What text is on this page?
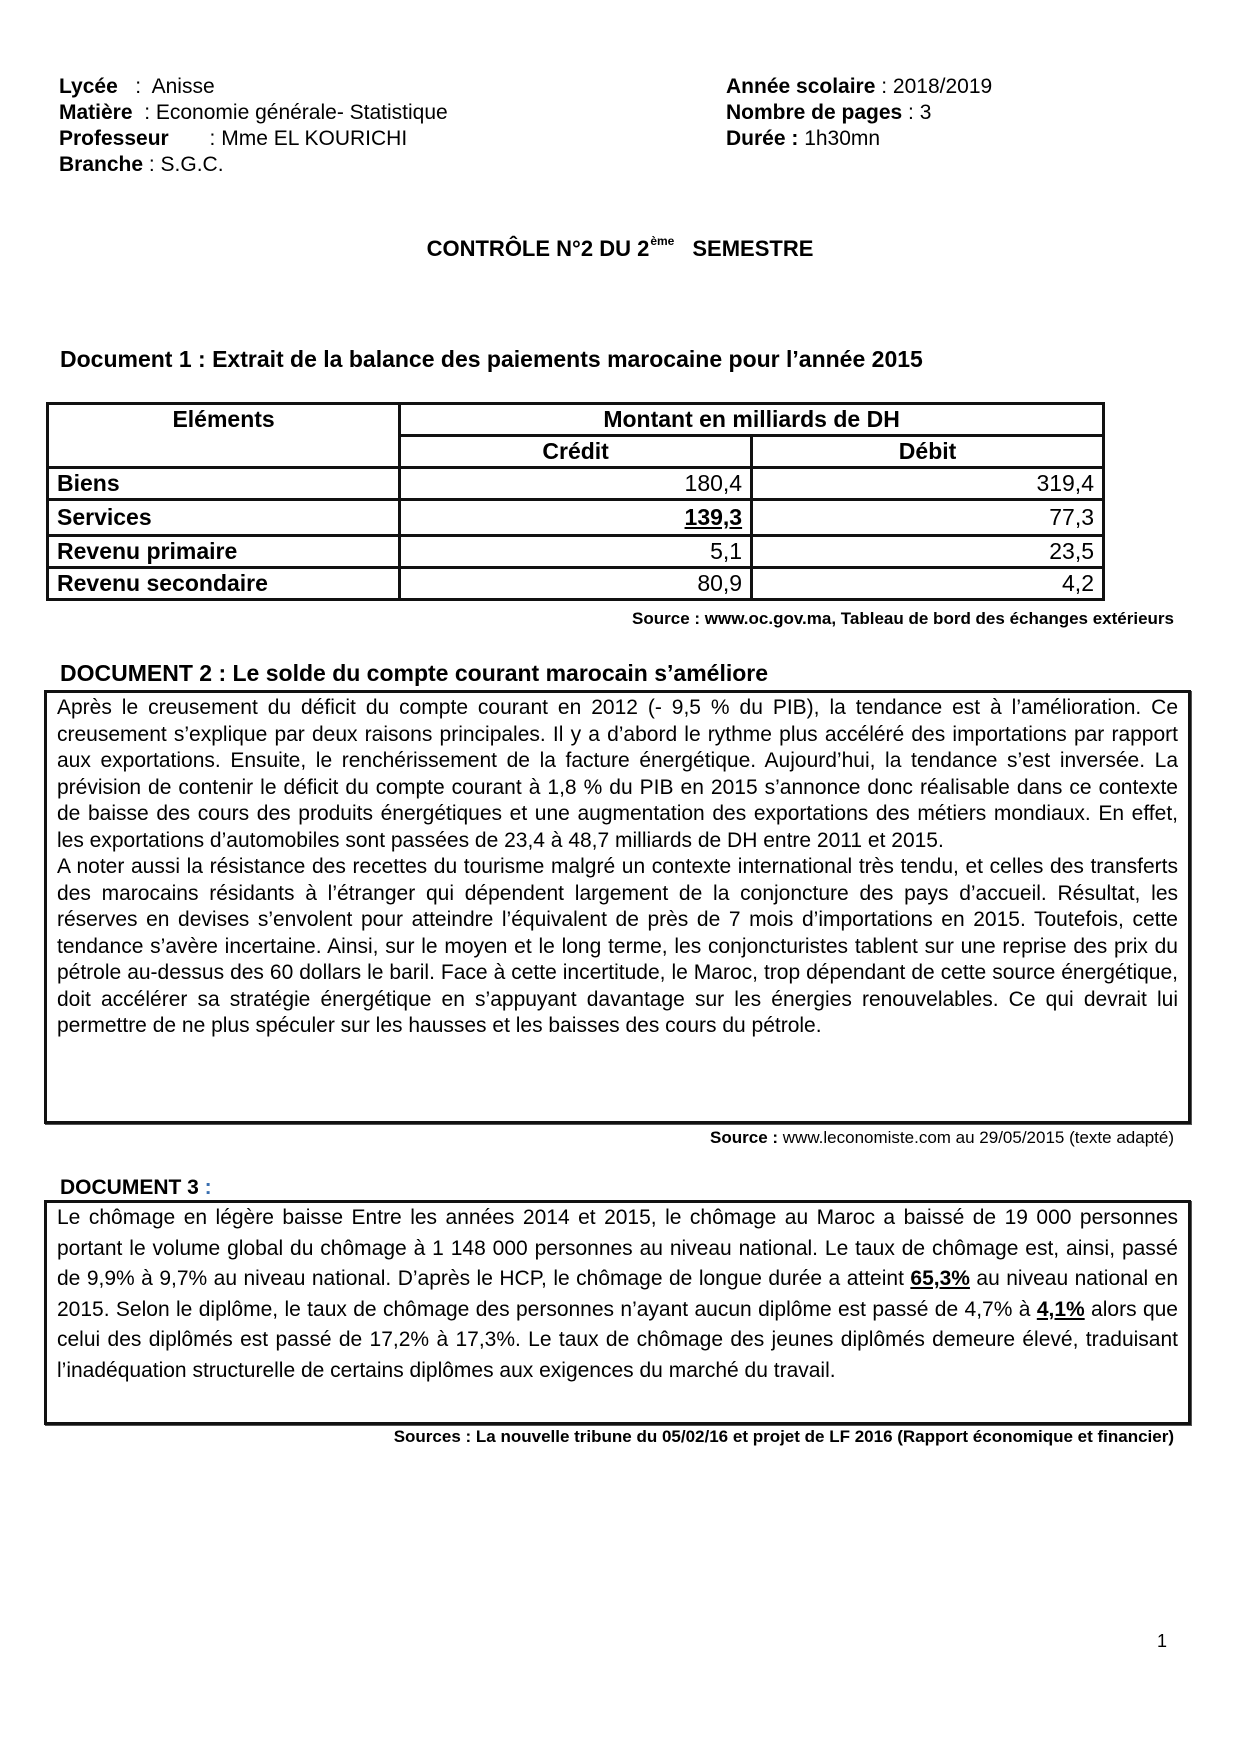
Lycée   :  Anisse
Matière  : Economie générale- Statistique
Professeur       : Mme EL KOURICHI
Branche : S.G.C.
Année scolaire : 2018/2019
Nombre de pages : 3
Durée : 1h30mn
CONTRÔLE N°2 DU 2ème SEMESTRE
Document 1 : Extrait de la balance des paiements marocaine pour l’année 2015
Eléments	Montant en milliards de DH	
	Crédit	Débit
Biens	180,4	319,4
Services	139,3	77,3
Revenu primaire	5,1	23,5
Revenu secondaire	80,9	4,2
Source : www.oc.gov.ma, Tableau de bord des échanges extérieurs
DOCUMENT 2 : Le solde du compte courant marocain s’améliore

Après le creusement du déficit du compte courant en 2012 (- 9,5 % du PIB), la tendance est à l’amélioration. Ce creusement s’explique par deux raisons principales. Il y a d’abord le rythme plus accéléré des importations par rapport aux exportations. Ensuite, le renchérissement de la facture énergétique. Aujourd’hui, la tendance s’est inversée. La prévision de contenir le déficit du compte courant à 1,8 % du PIB en 2015 s’annonce donc réalisable dans ce contexte de baisse des cours des produits énergétiques et une augmentation des exportations des métiers mondiaux. En effet, les exportations d’automobiles sont passées de 23,4 à 48,7 milliards de DH entre 2011 et 2015.

A noter aussi la résistance des recettes du tourisme malgré un contexte international très tendu, et celles des transferts des marocains résidants à l’étranger qui dépendent largement de la conjoncture des pays d’accueil. Résultat, les réserves en devises s’envolent pour atteindre l’équivalent de près de 7 mois d’importations en 2015. Toutefois, cette tendance s’avère incertaine. Ainsi, sur le moyen et le long terme, les conjoncturistes tablent sur une reprise des prix du pétrole au-dessus des 60 dollars le baril. Face à cette incertitude, le Maroc, trop dépendant de cette source énergétique, doit accélérer sa stratégie énergétique en s’appuyant davantage sur les énergies renouvelables. Ce qui devrait lui permettre de ne plus spéculer sur les hausses et les baisses des cours du pétrole.

Source : www.leconomiste.com au 29/05/2015 (texte adapté)
DOCUMENT 3 :

Le chômage en légère baisse Entre les années 2014 et 2015, le chômage au Maroc a baissé de 19 000 personnes portant le volume global du chômage à 1 148 000 personnes au niveau national. Le taux de chômage est, ainsi, passé de 9,9% à 9,7% au niveau national. D’après le HCP, le chômage de longue durée a atteint 65,3% au niveau national en 2015. Selon le diplôme, le taux de chômage des personnes n’ayant aucun diplôme est passé de 4,7% à 4,1% alors que celui des diplômés est passé de 17,2% à 17,3%. Le taux de chômage des jeunes diplômés demeure élevé, traduisant l’inadéquation structurelle de certains diplômes aux exigences du marché du travail.

Sources : La nouvelle tribune du 05/02/16 et projet de LF 2016 (Rapport économique et financier)
1
